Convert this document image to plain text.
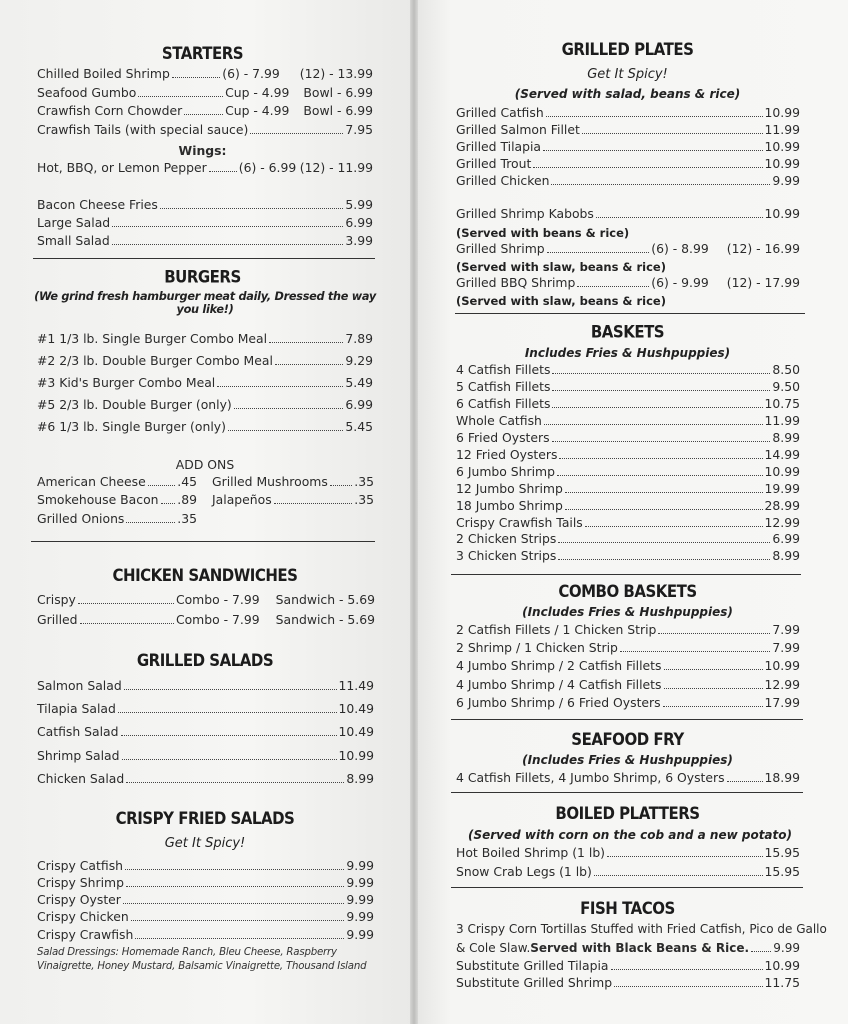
STARTERS
Chilled Boiled Shrimp	(6) - 7.99 (12) - 13.99
Seafood Gumbo	Cup - 4.99 Bowl - 6.99
Crawfish Corn Chowder	Cup - 4.99 Bowl - 6.99
Crawfish Tails (with special sauce)	7.95
Wings:
Hot, BBQ, or Lemon Pepper	(6) - 6.99 (12) - 11.99
Bacon Cheese Fries	5.99
Large Salad	6.99
Small Salad	3.99
BURGERS
(We grind fresh hamburger meat daily, Dressed the way you like!)
#1 1/3 lb. Single Burger Combo Meal	7.89
#2 2/3 lb. Double Burger Combo Meal	9.29
#3 Kid's Burger Combo Meal	5.49
#5 2/3 lb. Double Burger (only)	6.99
#6 1/3 lb. Single Burger (only)	5.45
ADD ONS
American Cheese	.45 Grilled Mushrooms .35
Smokehouse Bacon .89 Jalapeños	.35
Grilled Onions	.35
CHICKEN SANDWICHES
Crispy	Combo - 7.99 Sandwich - 5.69
Grilled	Combo - 7.99 Sandwich - 5.69
GRILLED SALADS
Salmon Salad	11.49
Tilapia Salad	10.49
Catfish Salad	10.49
Shrimp Salad	10.99
Chicken Salad	8.99
CRISPY FRIED SALADS
Get It Spicy!
Crispy Catfish	9.99
Crispy Shrimp	9.99
Crispy Oyster	9.99
Crispy Chicken	9.99
Crispy Crawfish	9.99
Salad Dressings: Homemade Ranch, Bleu Cheese, Raspberry Vinaigrette, Honey Mustard, Balsamic Vinaigrette, Thousand Island
GRILLED PLATES
Get It Spicy!
(Served with salad, beans & rice)
Grilled Catfish	10.99
Grilled Salmon Fillet	11.99
Grilled Tilapia	10.99
Grilled Trout	10.99
Grilled Chicken	9.99
Grilled Shrimp Kabobs	10.99
(Served with beans & rice)
Grilled Shrimp	(6) - 8.99 (12) - 16.99
(Served with slaw, beans & rice)
Grilled BBQ Shrimp	(6) - 9.99 (12) - 17.99
(Served with slaw, beans & rice)
BASKETS
Includes Fries & Hushpuppies)
4 Catfish Fillets	8.50
5 Catfish Fillets	9.50
6 Catfish Fillets	10.75
Whole Catfish	11.99
6 Fried Oysters	8.99
12 Fried Oysters	14.99
6 Jumbo Shrimp	10.99
12 Jumbo Shrimp	19.99
18 Jumbo Shrimp	28.99
Crispy Crawfish Tails	12.99
2 Chicken Strips	6.99
3 Chicken Strips	8.99
COMBO BASKETS
(Includes Fries & Hushpuppies)
2 Catfish Fillets / 1 Chicken Strip	7.99
2 Shrimp / 1 Chicken Strip	7.99
4 Jumbo Shrimp / 2 Catfish Fillets	10.99
4 Jumbo Shrimp / 4 Catfish Fillets	12.99
6 Jumbo Shrimp / 6 Fried Oysters	17.99
SEAFOOD FRY
(Includes Fries & Hushpuppies)
4 Catfish Fillets, 4 Jumbo Shrimp, 6 Oysters	18.99
BOILED PLATTERS
(Served with corn on the cob and a new potato)
Hot Boiled Shrimp (1 lb)	15.95
Snow Crab Legs (1 lb)	15.95
FISH TACOS
3 Crispy Corn Tortillas Stuffed with Fried Catfish, Pico de Gallo
& Cole Slaw. Served with Black Beans & Rice. 9.99
Substitute Grilled Tilapia	10.99
Substitute Grilled Shrimp	11.75
